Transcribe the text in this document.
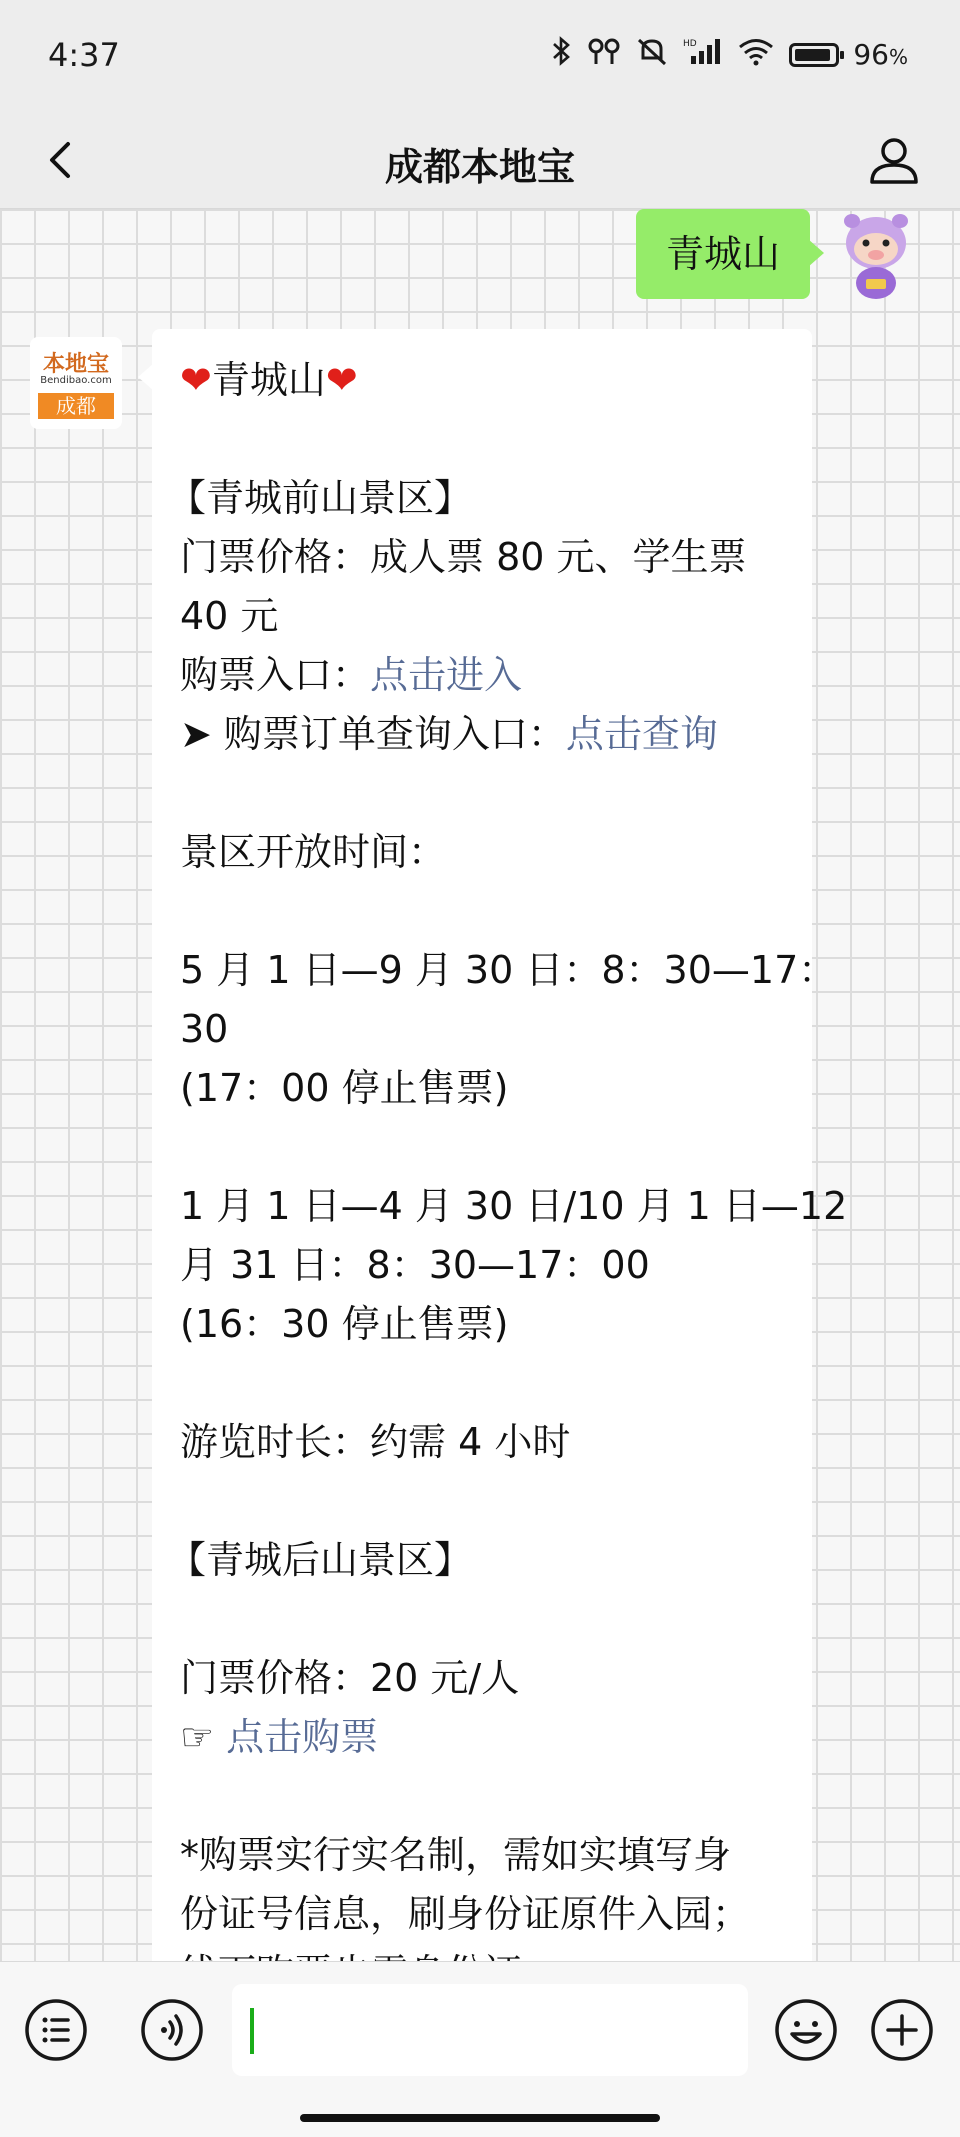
4:37	HD	96%
成都本地宝
青城山
本地宝
Bendibao.com
成都
❤青城山❤
【青城前山景区】
门票价格：成人票 80 元、学生票
40 元
购票入口：点击进入
➤ 购票订单查询入口：点击查询
景区开放时间：
5 月 1 日—9 月 30 日：8：30—17：
30
(17：00 停止售票)
1 月 1 日—4 月 30 日/10 月 1 日—12
月 31 日：8：30—17：00
(16：30 停止售票)
游览时长：约需 4 小时
【青城后山景区】
门票价格：20 元/人
☞ 点击购票
*购票实行实名制，需如实填写身
份证号信息，刷身份证原件入园；
